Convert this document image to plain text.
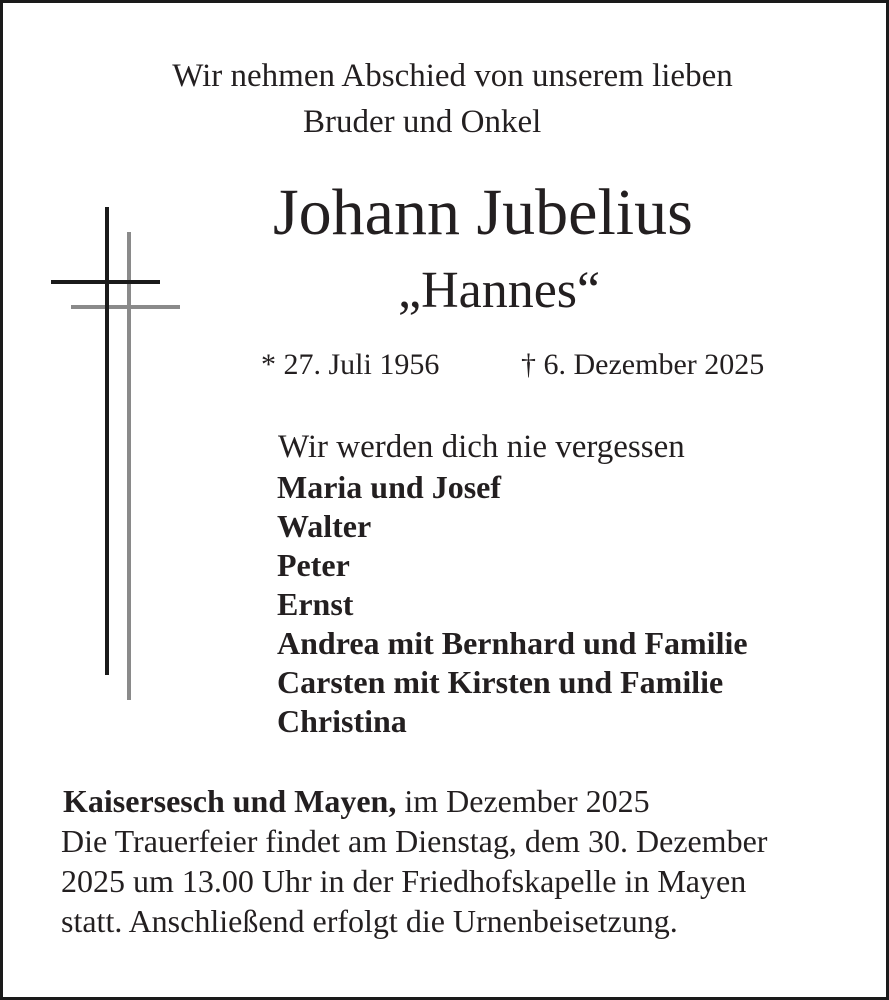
Wir nehmen Abschied von unserem lieben

Bruder und Onkel

Johann Jubelius

„Hannes“

* 27. Juli 1956	† 6. Dezember 2025

Wir werden dich nie vergessen

Maria und Josef

Walter

Peter

Ernst

Andrea mit Bernhard und Familie

Carsten mit Kirsten und Familie

Christina

Kaisersesch und Mayen, im Dezember 2025

Die Trauerfeier findet am Dienstag, dem 30. Dezember

2025 um 13.00 Uhr in der Friedhofskapelle in Mayen

statt. Anschließend erfolgt die Urnenbeisetzung.
